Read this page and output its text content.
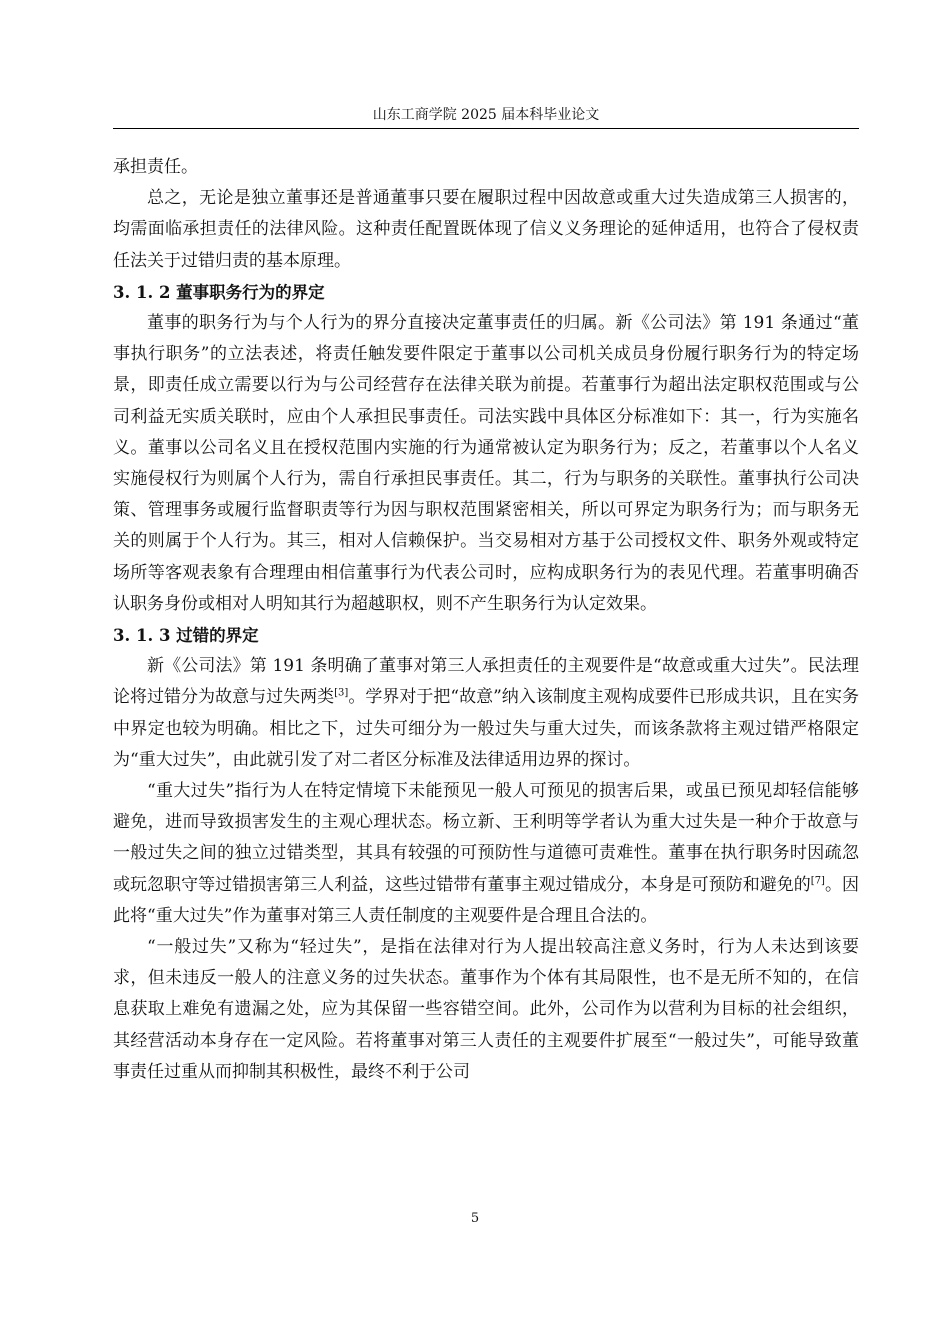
山东工商学院 2025 届本科毕业论文

承担责任。

总之，无论是独立董事还是普通董事只要在履职过程中因故意或重大过失造成第三人损害的，均需面临承担责任的法律风险。这种责任配置既体现了信义义务理论的延伸适用，也符合了侵权责任法关于过错归责的基本原理。

3. 1. 2 董事职务行为的界定

董事的职务行为与个人行为的界分直接决定董事责任的归属。新《公司法》第 191 条通过“董事执行职务”的立法表述，将责任触发要件限定于董事以公司机关成员身份履行职务行为的特定场景，即责任成立需要以行为与公司经营存在法律关联为前提。若董事行为超出法定职权范围或与公司利益无实质关联时，应由个人承担民事责任。司法实践中具体区分标准如下：其一，行为实施名义。董事以公司名义且在授权范围内实施的行为通常被认定为职务行为；反之，若董事以个人名义实施侵权行为则属个人行为，需自行承担民事责任。其二，行为与职务的关联性。董事执行公司决策、管理事务或履行监督职责等行为因与职权范围紧密相关，所以可界定为职务行为；而与职务无关的则属于个人行为。其三，相对人信赖保护。当交易相对方基于公司授权文件、职务外观或特定场所等客观表象有合理理由相信董事行为代表公司时，应构成职务行为的表见代理。若董事明确否认职务身份或相对人明知其行为超越职权，则不产生职务行为认定效果。

3. 1. 3 过错的界定

新《公司法》第 191 条明确了董事对第三人承担责任的主观要件是“故意或重大过失”。民法理论将过错分为故意与过失两类[3]。学界对于把“故意”纳入该制度主观构成要件已形成共识，且在实务中界定也较为明确。相比之下，过失可细分为一般过失与重大过失，而该条款将主观过错严格限定为“重大过失”，由此就引发了对二者区分标准及法律适用边界的探讨。

“重大过失”指行为人在特定情境下未能预见一般人可预见的损害后果，或虽已预见却轻信能够避免，进而导致损害发生的主观心理状态。杨立新、王利明等学者认为重大过失是一种介于故意与一般过失之间的独立过错类型，其具有较强的可预防性与道德可责难性。董事在执行职务时因疏忽或玩忽职守等过错损害第三人利益，这些过错带有董事主观过错成分，本身是可预防和避免的[7]。因此将“重大过失”作为董事对第三人责任制度的主观要件是合理且合法的。

“一般过失”又称为“轻过失”，是指在法律对行为人提出较高注意义务时，行为人未达到该要求，但未违反一般人的注意义务的过失状态。董事作为个体有其局限性，也不是无所不知的，在信息获取上难免有遗漏之处，应为其保留一些容错空间。此外，公司作为以营利为目标的社会组织，其经营活动本身存在一定风险。若将董事对第三人责任的主观要件扩展至“一般过失”，可能导致董事责任过重从而抑制其积极性，最终不利于公司

5
